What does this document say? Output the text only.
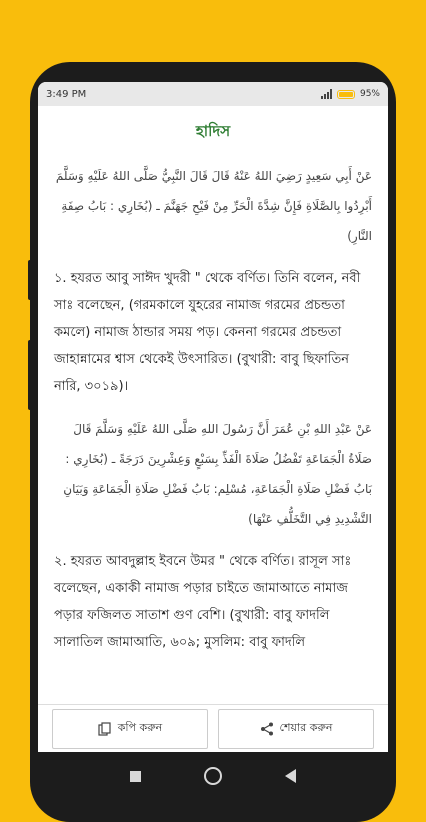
3:49 PM	95%
হাদিস

عَنْ أَبِي سَعِيدٍ رَضِيَ اللهُ عَنْهُ قَالَ قَالَ النَّبِيُّ صَلَّى اللهُ عَلَيْهِ وَسَلَّمَ أَبْرِدُوا بِالصَّلَاةِ فَإِنَّ شِدَّةَ الْحَرِّ مِنْ فَيْحِ جَهَنَّمَ ـ (بُخَارِي : بَابُ صِفَةِ النَّارِ)

১. হযরত আবু সাঈদ খুদরী " থেকে বর্ণিত। তিনি বলেন, নবী সাঃ বলেছেন, (গরমকালে যুহরের নামাজ গরমের প্রচন্ডতা কমলে) নামাজ ঠান্ডার সময় পড়। কেননা গরমের প্রচন্ডতা জাহান্নামের শ্বাস থেকেই উৎসারিত। (বুখারী: বাবু ছিফাতিন নারি, ৩০১৯)।

عَنْ عَبْدِ اللهِ بْنِ عُمَرَ أَنَّ رَسُولَ اللهِ صَلَّى اللهُ عَلَيْهِ وَسَلَّمَ قَالَ صَلَاةُ الْجَمَاعَةِ تَفْضُلُ صَلَاةَ الْفَذِّ بِسَبْعٍ وَعِشْرِينَ دَرَجَةً ـ (بُخَارِي : بَابُ فَضْلِ صَلَاةِ الْجَمَاعَةِ، مُسْلِم: بَابُ فَضْلِ صَلَاةِ الْجَمَاعَةِ وَبَيَانِ التَّشْدِيدِ فِي التَّخَلُّفِ عَنْهَا)

২. হযরত আবদুল্লাহ ইবনে উমর " থেকে বর্ণিত। রাসূল সাঃ বলেছেন, একাকী নামাজ পড়ার চাইতে জামাআতে নামাজ পড়ার ফজিলত সাতাশ গুণ বেশি। (বুখারী: বাবু ফাদলি সালাতিল জামাআতি, ৬০৯; মুসলিম: বাবু ফাদলি

কপি করুন	শেয়ার করুন
